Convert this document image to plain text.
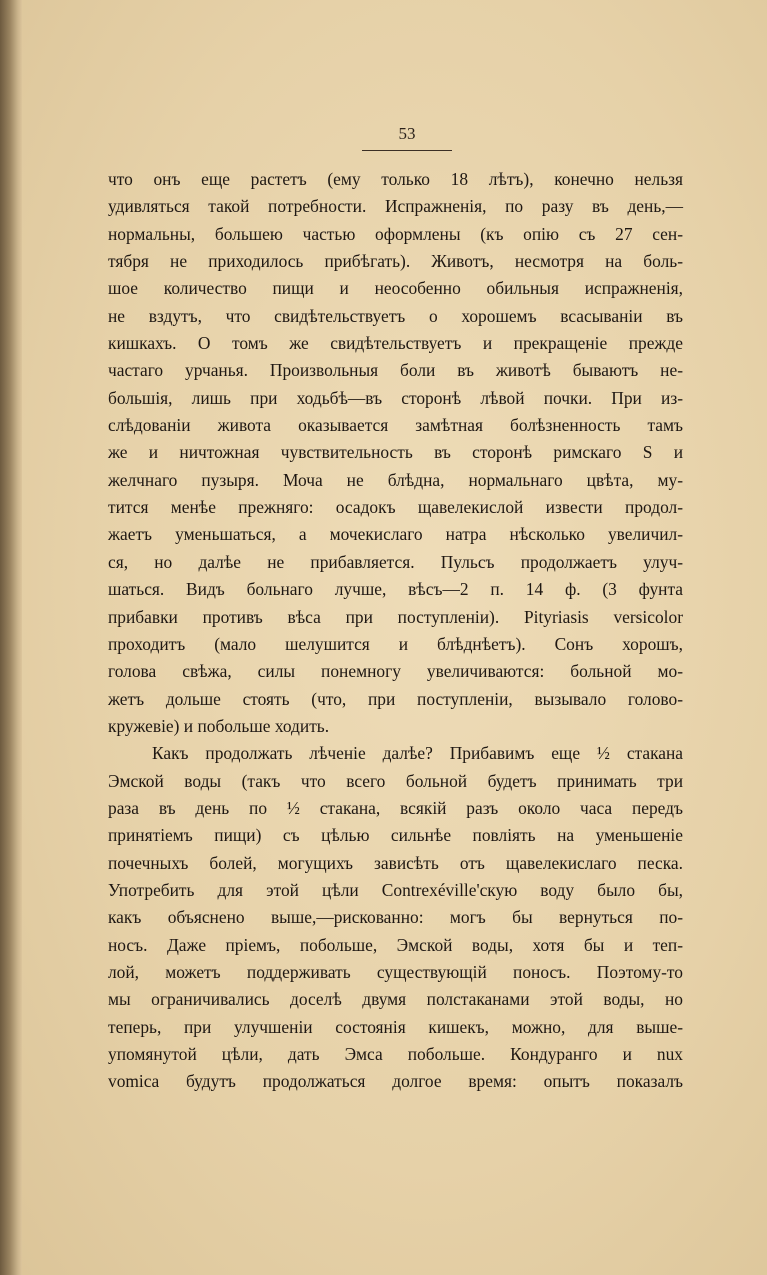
53
что онъ еще растетъ (ему только 18 лѣтъ), конечно нельзя
удивляться такой потребности. Испражненія, по разу въ день,—
нормальны, большею частью оформлены (къ опію съ 27 сен-
тября не приходилось прибѣгать). Животъ, несмотря на боль-
шое количество пищи и неособенно обильныя испражненія,
не вздутъ, что свидѣтельствуетъ о хорошемъ всасываніи въ
кишкахъ. О томъ же свидѣтельствуетъ и прекращеніе прежде
частаго урчанья. Произвольныя боли въ животѣ бываютъ не-
большія, лишь при ходьбѣ—въ сторонѣ лѣвой почки. При из-
слѣдованіи живота оказывается замѣтная болѣзненность тамъ
же и ничтожная чувствительность въ сторонѣ римскаго S и
желчнаго пузыря. Моча не блѣдна, нормальнаго цвѣта, му-
тится менѣе прежняго: осадокъ щавелекислой извести продол-
жаетъ уменьшаться, а мочекислаго натра нѣсколько увеличил-
ся, но далѣе не прибавляется. Пульсъ продолжаетъ улуч-
шаться. Видъ больнаго лучше, вѣсъ—2 п. 14 ф. (3 фунта
прибавки противъ вѣса при поступленіи). Pityriasis versicolor
проходитъ (мало шелушится и блѣднѣетъ). Сонъ хорошъ,
голова свѣжа, силы понемногу увеличиваются: больной мо-
жетъ дольше стоять (что, при поступленіи, вызывало голово-
кружевіе) и побольше ходить.
Какъ продолжать лѣченіе далѣе? Прибавимъ еще ½ стакана
Эмской воды (такъ что всего больной будетъ принимать три
раза въ день по ½ стакана, всякій разъ около часа передъ
принятіемъ пищи) съ цѣлью сильнѣе повліять на уменьшеніе
почечныхъ болей, могущихъ зависѣть отъ щавелекислаго песка.
Употребить для этой цѣли Contrexéville'скую воду было бы,
какъ объяснено выше,—рискованно: могъ бы вернуться по-
носъ. Даже пріемъ, побольше, Эмской воды, хотя бы и теп-
лой, можетъ поддерживать существующій поносъ. Поэтому-то
мы ограничивались доселѣ двумя полстаканами этой воды, но
теперь, при улучшеніи состоянія кишекъ, можно, для выше-
упомянутой цѣли, дать Эмса побольше. Кондуранго и nux
vomica будутъ продолжаться долгое время: опытъ показалъ
